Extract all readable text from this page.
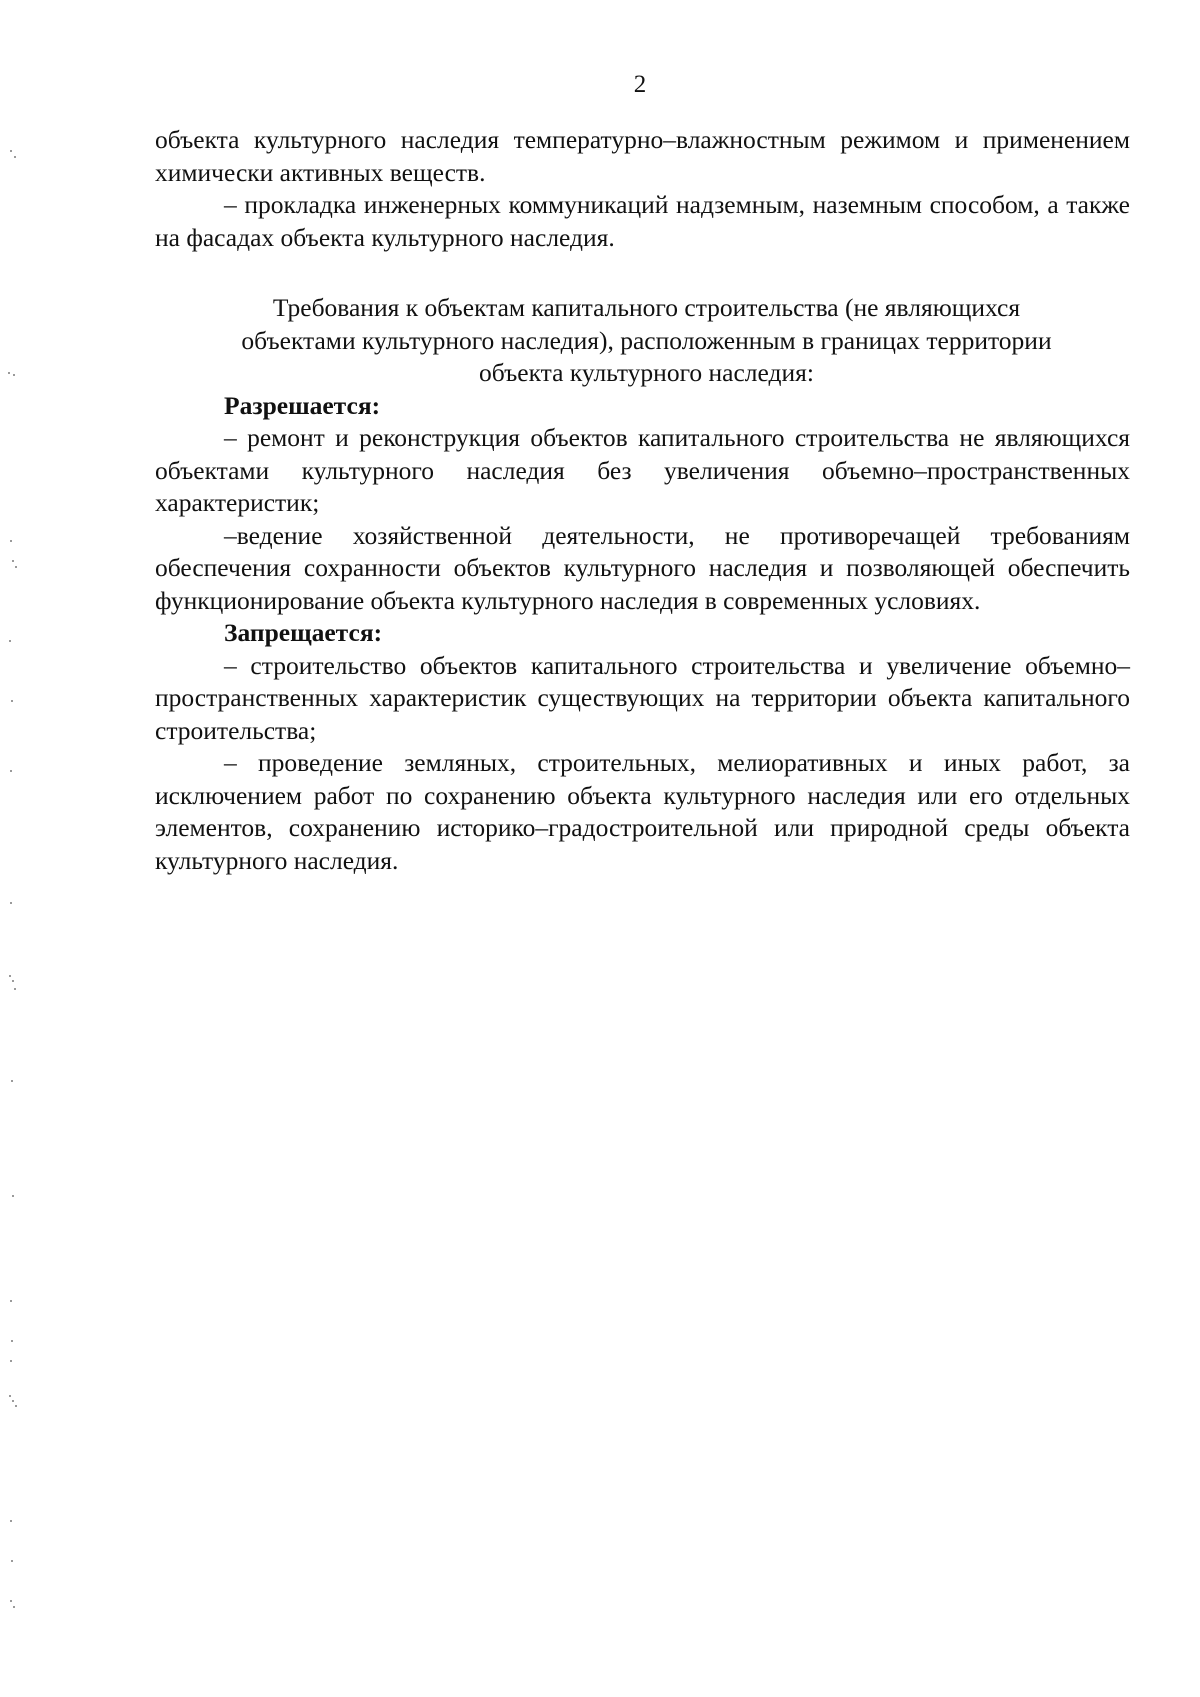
2

объекта культурного наследия температурно–влажностным режимом и применением химически активных веществ.

– прокладка инженерных коммуникаций надземным, наземным способом, а также на фасадах объекта культурного наследия.

Требования к объектам капитального строительства (не являющихся
объектами культурного наследия), расположенным в границах территории
объекта культурного наследия:

Разрешается:

– ремонт и реконструкция объектов капитального строительства не являющихся объектами культурного наследия без увеличения объемно–пространственных характеристик;

–ведение хозяйственной деятельности, не противоречащей требованиям обеспечения сохранности объектов культурного наследия и позволяющей обеспечить функционирование объекта культурного наследия в современных условиях.

Запрещается:

– строительство объектов капитального строительства и увеличение объемно–пространственных характеристик существующих на территории объекта капитального строительства;

– проведение земляных, строительных, мелиоративных и иных работ, за исключением работ по сохранению объекта культурного наследия или его отдельных элементов, сохранению историко–градостроительной или природной среды объекта культурного наследия.
